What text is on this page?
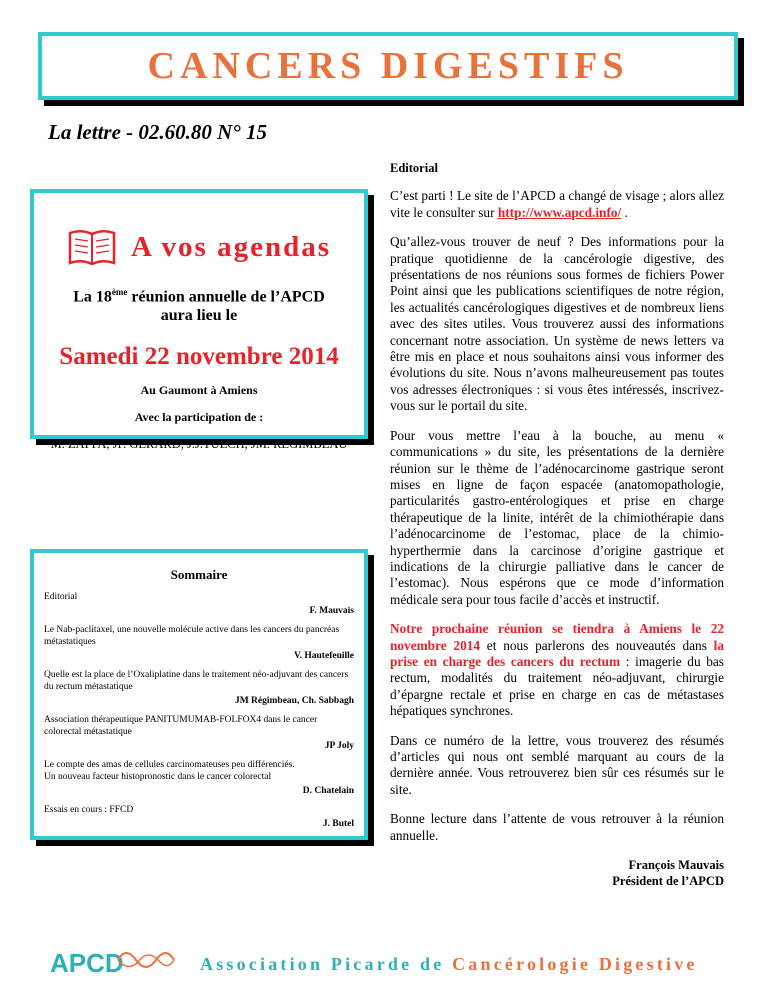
CANCERS DIGESTIFS
La lettre - 02.60.80 N° 15
A vos agendas
La 18ème réunion annuelle de l’APCD
aura lieu le
Samedi 22 novembre 2014
Au Gaumont à Amiens
Avec la participation de :
M. ZAPPA, JP. GERARD, J.J.TUECH, JM. REGIMBEAU
Sommaire
Editorial
F. Mauvais
Le Nab-paclitaxel, une nouvelle molécule active dans les cancers du pancréas métastatiques
V. Hautefeuille
Quelle est la place de l’Oxaliplatine dans le traitement néo-adjuvant des cancers du rectum métastatique
JM Régimbeau, Ch. Sabbagh
Association thérapeutique PANITUMUMAB-FOLFOX4 dans le cancer colorectal métastatique
JP Joly
Le compte des amas de cellules carcinomateuses peu différenciés.
Un nouveau facteur histopronostic dans le cancer colorectal
D. Chatelain
Essais en cours : FFCD
J. Butel
Editorial

C’est parti ! Le site de l’APCD a changé de visage ; alors allez vite le consulter sur http://www.apcd.info/ .

Qu’allez-vous trouver de neuf ? Des informations pour la pratique quotidienne de la cancérologie digestive, des présentations de nos réunions sous formes de fichiers Power Point ainsi que les publications scientifiques de notre région, les actualités cancérologiques digestives et de nombreux liens avec des sites utiles. Vous trouverez aussi des informations concernant notre association. Un système de news letters va être mis en place et nous souhaitons ainsi vous informer des évolutions du site. Nous n’avons malheureusement pas toutes vos adresses électroniques : si vous êtes intéressés, inscrivez-vous sur le portail du site.

Pour vous mettre l’eau à la bouche, au menu « communications » du site, les présentations de la dernière réunion sur le thème de l’adénocarcinome gastrique seront mises en ligne de façon espacée (anatomopathologie, particularités gastro-entérologiques et prise en charge thérapeutique de la linite, intérêt de la chimiothérapie dans l’adénocarcinome de l’estomac, place de la chimio-hyperthermie dans la carcinose d’origine gastrique et indications de la chirurgie palliative dans le cancer de l’estomac). Nous espérons que ce mode d’information médicale sera pour tous facile d’accès et instructif.

Notre prochaine réunion se tiendra à Amiens le 22 novembre 2014 et nous parlerons des nouveautés dans la prise en charge des cancers du rectum : imagerie du bas rectum, modalités du traitement néo-adjuvant, chirurgie d’épargne rectale et prise en charge en cas de métastases hépatiques synchrones.

Dans ce numéro de la lettre, vous trouverez des résumés d’articles qui nous ont semblé marquant au cours de la dernière année. Vous retrouverez bien sûr ces résumés sur le site.

Bonne lecture dans l’attente de vous retrouver à la réunion annuelle.

François Mauvais
Président de l’APCD
APCD	Association Picarde de Cancérologie Digestive
